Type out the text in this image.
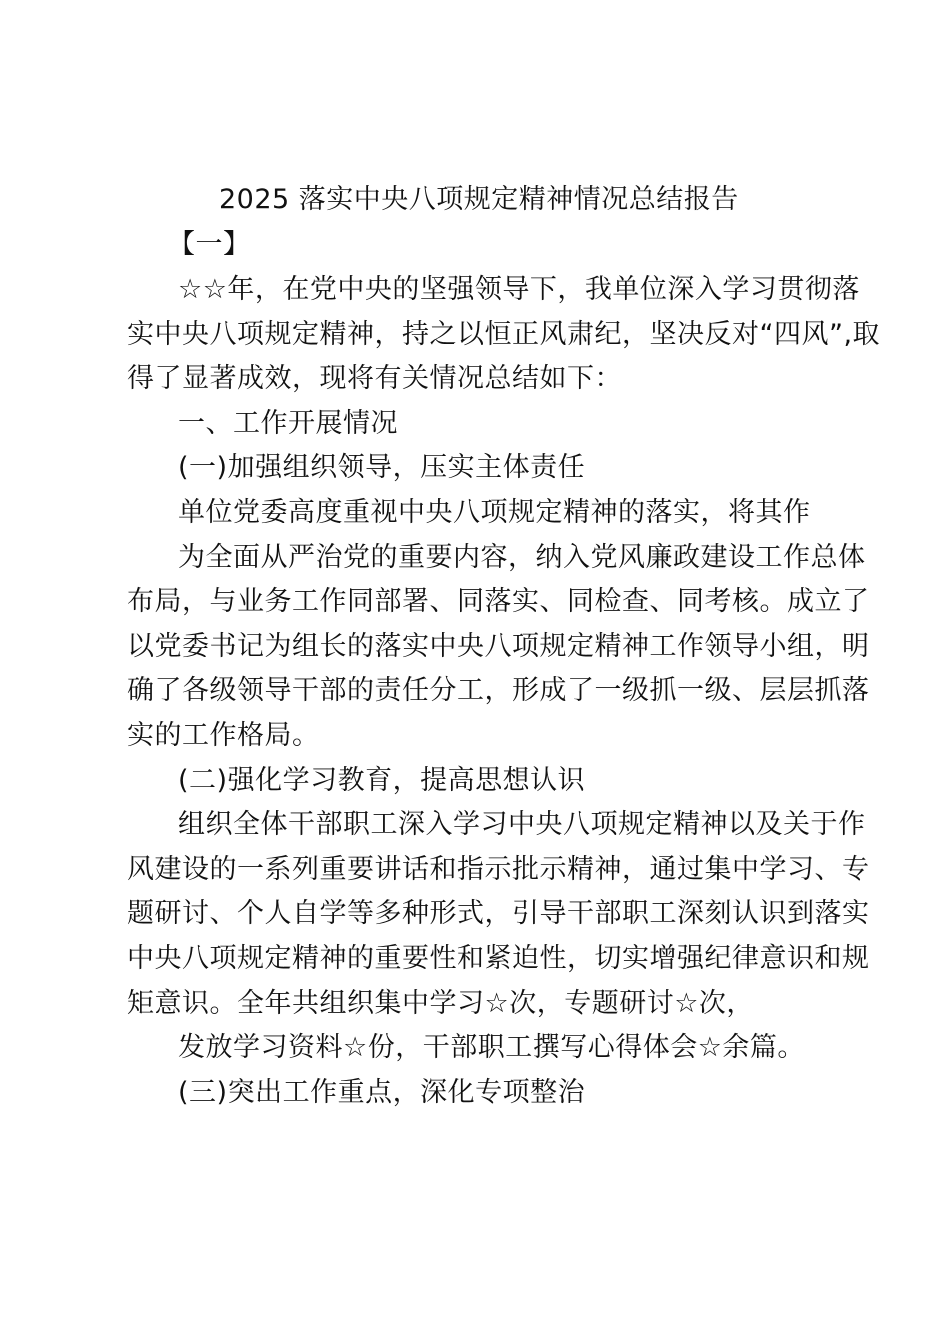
2025 落实中央八项规定精神情况总结报告
【一】
☆☆年，在党中央的坚强领导下，我单位深入学习贯彻落
实中央八项规定精神，持之以恒正风肃纪，坚决反对“四风”,取
得了显著成效，现将有关情况总结如下：
一、工作开展情况
(一)加强组织领导，压实主体责任
单位党委高度重视中央八项规定精神的落实，将其作
为全面从严治党的重要内容，纳入党风廉政建设工作总体
布局，与业务工作同部署、同落实、同检查、同考核。成立了
以党委书记为组长的落实中央八项规定精神工作领导小组，明
确了各级领导干部的责任分工，形成了一级抓一级、层层抓落
实的工作格局。
(二)强化学习教育，提高思想认识
组织全体干部职工深入学习中央八项规定精神以及关于作
风建设的一系列重要讲话和指示批示精神，通过集中学习、专
题研讨、个人自学等多种形式，引导干部职工深刻认识到落实
中央八项规定精神的重要性和紧迫性，切实增强纪律意识和规
矩意识。全年共组织集中学习☆次，专题研讨☆次，
发放学习资料☆份，干部职工撰写心得体会☆余篇。
(三)突出工作重点，深化专项整治
